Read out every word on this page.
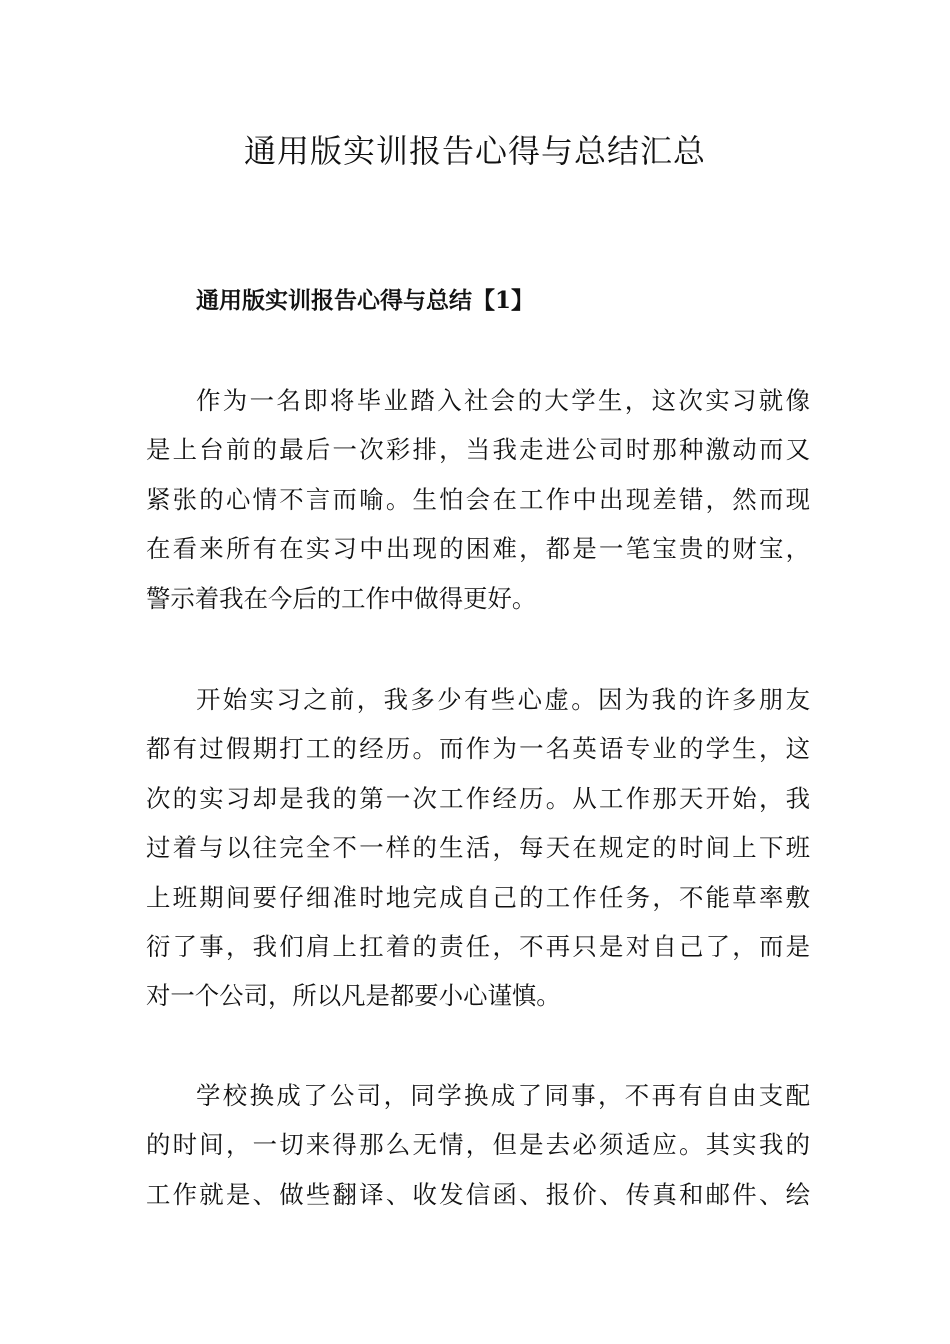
通用版实训报告心得与总结汇总
通用版实训报告心得与总结【1】
作为一名即将毕业踏入社会的大学生，这次实习就像
是上台前的最后一次彩排，当我走进公司时那种激动而又
紧张的心情不言而喻。生怕会在工作中出现差错，然而现
在看来所有在实习中出现的困难，都是一笔宝贵的财宝，
警示着我在今后的工作中做得更好。
开始实习之前，我多少有些心虚。因为我的许多朋友
都有过假期打工的经历。而作为一名英语专业的学生，这
次的实习却是我的第一次工作经历。从工作那天开始，我
过着与以往完全不一样的生活，每天在规定的时间上下班
上班期间要仔细准时地完成自己的工作任务，不能草率敷
衍了事，我们肩上扛着的责任，不再只是对自己了，而是
对一个公司，所以凡是都要小心谨慎。
学校换成了公司，同学换成了同事，不再有自由支配
的时间，一切来得那么无情，但是去必须适应。其实我的
工作就是、做些翻译、收发信函、报价、传真和邮件、绘
